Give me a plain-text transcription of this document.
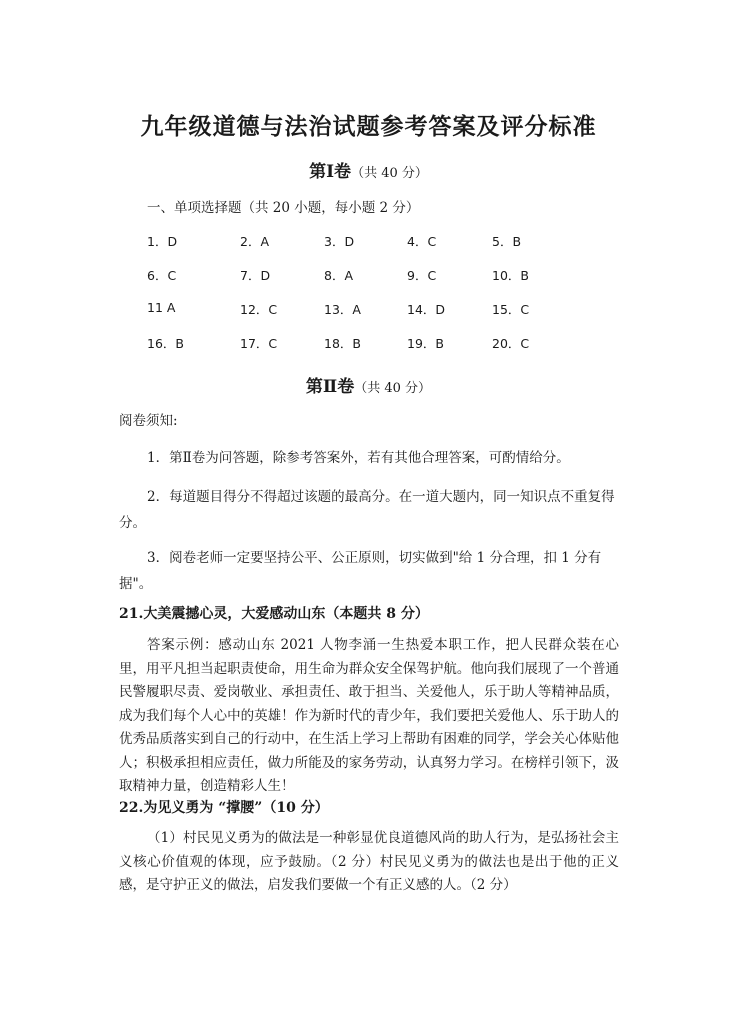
九年级道德与法治试题参考答案及评分标准
第Ⅰ卷（共 40 分）
一、单项选择题（共 20 小题，每小题 2 分）
1．D	2．A	3．D	4．C	5．B
6．C	7．D	8．A	9．C	10．B
11 A	12．C	13．A	14．D	15．C
16．B	17．C	18．B	19．B	20．C
第Ⅱ卷（共 40 分）
阅卷须知:
1．第Ⅱ卷为问答题，除参考答案外，若有其他合理答案，可酌情给分。
2．每道题目得分不得超过该题的最高分。在一道大题内，同一知识点不重复得分。
3．阅卷老师一定要坚持公平、公正原则，切实做到"给 1 分合理，扣 1 分有据"。
21.大美震撼心灵，大爱感动山东（本题共 8 分）
答案示例：感动山东 2021 人物李涌一生热爱本职工作，把人民群众装在心里，用平凡担当起职责使命，用生命为群众安全保驾护航。他向我们展现了一个普通民警履职尽责、爱岗敬业、承担责任、敢于担当、关爱他人，乐于助人等精神品质，成为我们每个人心中的英雄！作为新时代的青少年，我们要把关爱他人、乐于助人的优秀品质落实到自己的行动中，在生活上学习上帮助有困难的同学，学会关心体贴他人；积极承担相应责任，做力所能及的家务劳动，认真努力学习。在榜样引领下，汲取精神力量，创造精彩人生！
22.为见义勇为 “撑腰”（10 分）
（1）村民见义勇为的做法是一种彰显优良道德风尚的助人行为，是弘扬社会主义核心价值观的体现，应予鼓励。（2 分）村民见义勇为的做法也是出于他的正义感，是守护正义的做法，启发我们要做一个有正义感的人。（2 分）
